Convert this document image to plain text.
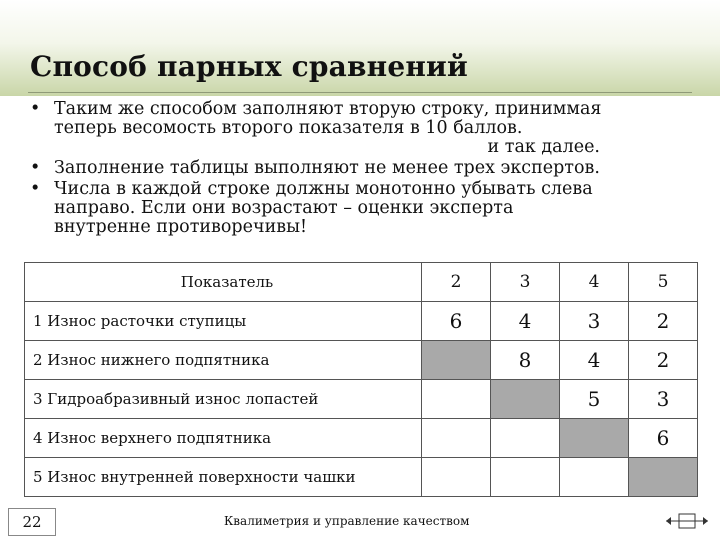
Способ парных сравнений
• Таким же способом заполняют вторую строку, приниммая
теперь весомость второго показателя в 10 баллов.
и так далее.
• Заполнение таблицы выполняют не менее трех экспертов.
• Числа в каждой строке должны монотонно убывать слева
направо. Если они возрастают – оценки эксперта
внутренне противоречивы!
Показатель	2	3	4	5
1 Износ расточки ступицы	6	4	3	2
2 Износ нижнего подпятника		8	4	2
3 Гидроабразивный износ лопастей			5	3
4 Износ верхнего подпятника				6
5 Износ внутренней поверхности чашки				
22	Квалиметрия и управление качеством
